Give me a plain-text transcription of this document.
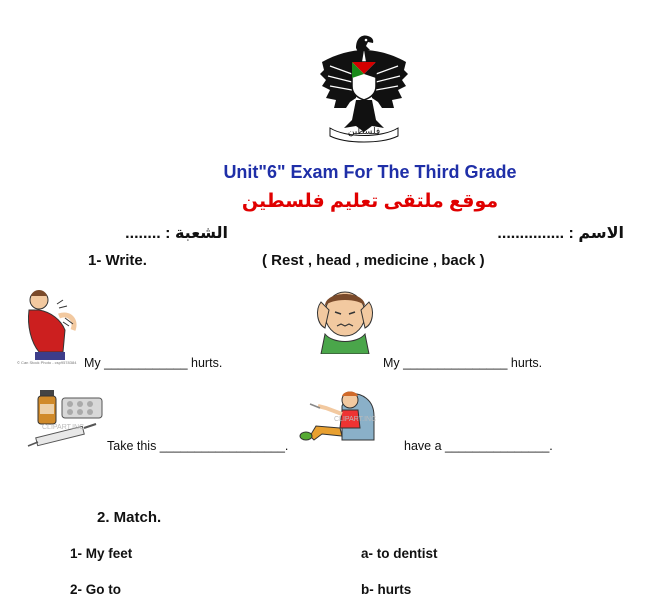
فلسطين
Unit"6" Exam For The Third Grade
موقع ملتقى تعليم فلسطين
الاسم : ...............
الشعبة : ........
1- Write.	( Rest , head , medicine , back )
© Can Stock Photo - csp9578384 My ____________ hurts.	My _______________ hurts.
CLIPART.INC
Take this __________________.
CLIPART.INC
have a _______________.
2. Match.
1- My feet
2- Go to
a- to dentist
b- hurts
